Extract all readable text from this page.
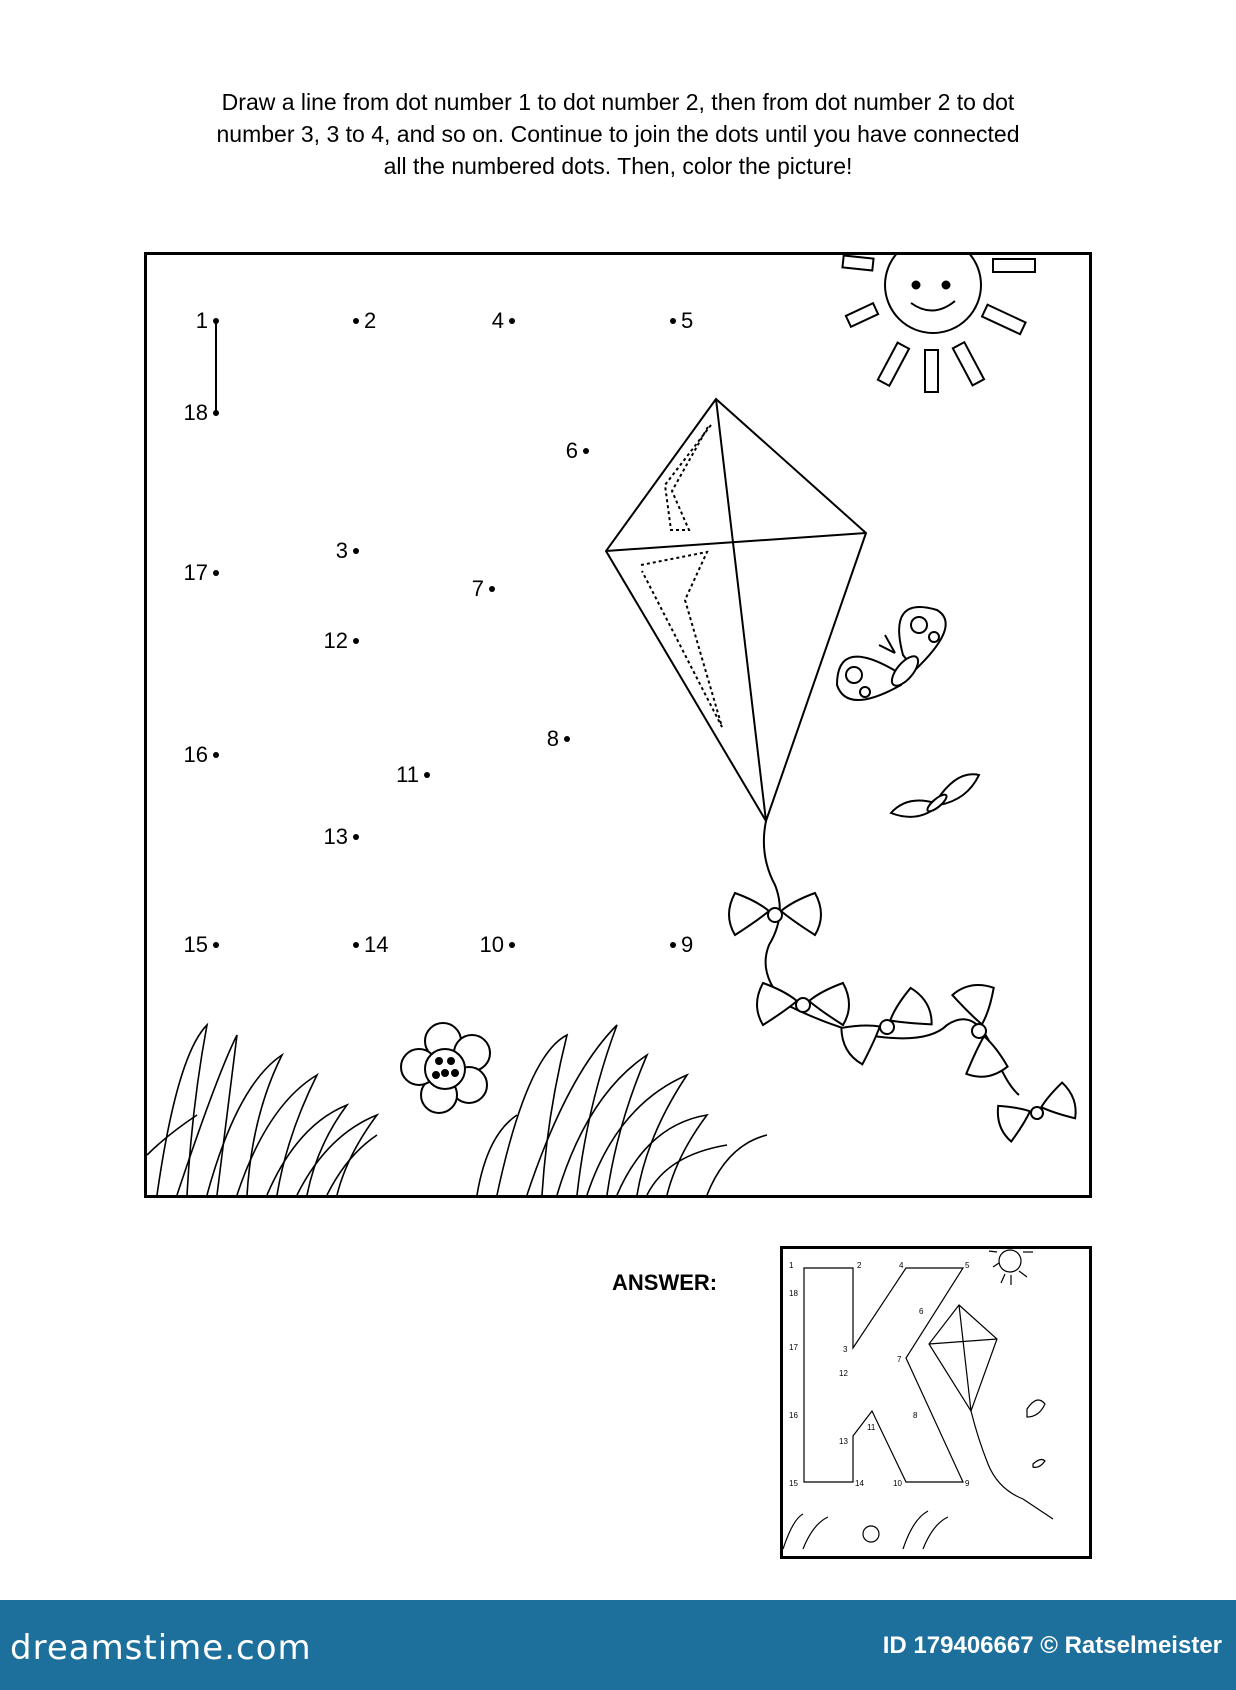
Draw a line from dot number 1 to dot number 2, then from dot number 2 to dot
number 3, 3 to 4, and so on. Continue to join the dots until you have connected
all the numbered dots. Then, color the picture!
1	2
3
4	5
6
7
8
9
10
11
12
13
14
15
16
17
18
ANSWER:
1	2
3
4	5
6
7
8
9
10
11
12
13
14
15
16
17
18
dreamstime.com	ID 179406667 © Ratselmeister
